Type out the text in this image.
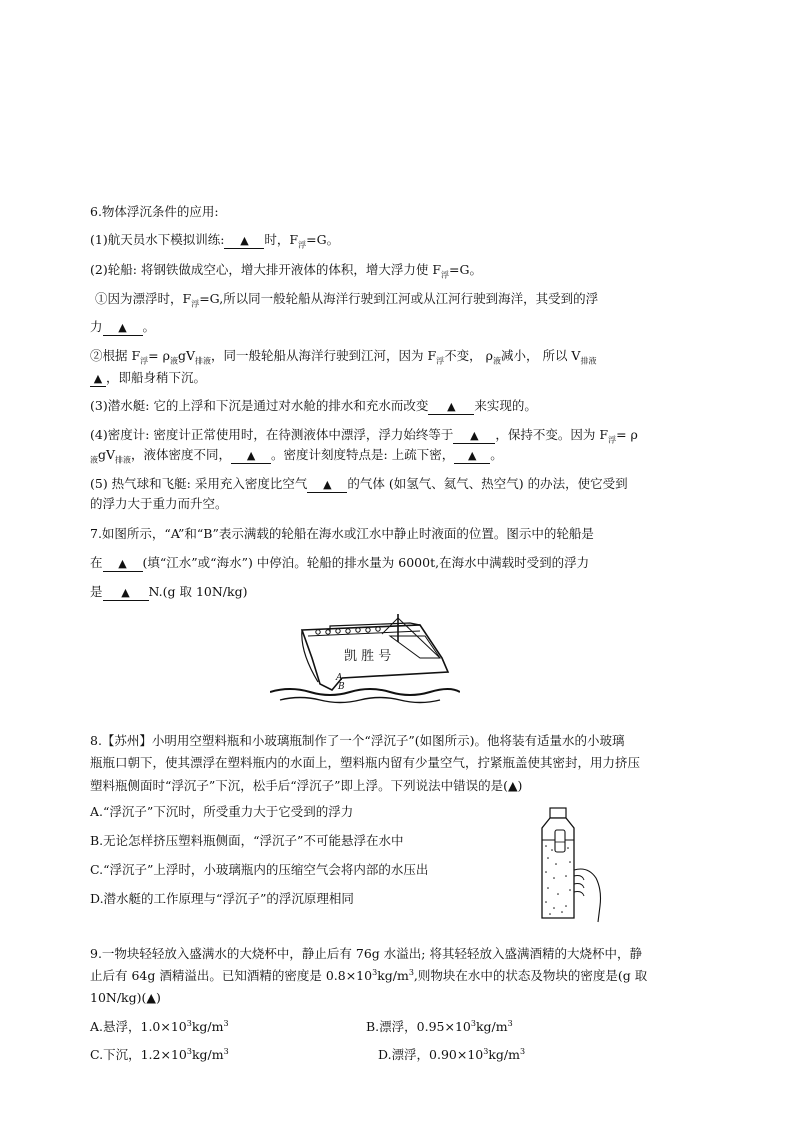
6.物体浮沉条件的应用:
(1)航天员水下模拟训练: ▲ 时，$F_浮=G$。
(2)轮船: 将钢铁做成空心，增大排开液体的体积，增大浮力使 $F_浮=G$。
①因为漂浮时，$F_浮=G$,所以同一般轮船从海洋行驶到江河或从江河行驶到海洋，其受到的浮
力 ▲ 。
②根据 $F_浮= \rho_液gV_{排液}$，同一般轮船从海洋行驶到江河，因为 $F_浮$不变， $\rho_液$减小， 所以 $V_{排液}$
▲ ，即船身稍下沉。
(3)潜水艇: 它的上浮和下沉是通过对水舱的排水和充水而改变 ▲ 来实现的。
(4)密度计: 密度计正常使用时，在待测液体中漂浮，浮力始终等于 ▲ ，保持不变。因为 $F_浮= \rho$
$_液gV_{排液}$，液体密度不同， ▲ 。密度计刻度特点是: 上疏下密， ▲ 。
(5) 热气球和飞艇: 采用充入密度比空气 ▲ 的气体 (如氢气、氦气、热空气) 的办法，使它受到
的浮力大于重力而升空。
7.如图所示，“A”和“B”表示满载的轮船在海水或江水中静止时液面的位置。图示中的轮船是
在 ▲ (填“江水”或“海水”) 中停泊。轮船的排水量为 6000t,在海水中满载时受到的浮力
是 ▲ N.(g 取 10N/kg)
凯 胜 号
A
B
8.【苏州】小明用空塑料瓶和小玻璃瓶制作了一个“浮沉子”(如图所示)。他将装有适量水的小玻璃
瓶瓶口朝下，使其漂浮在塑料瓶内的水面上，塑料瓶内留有少量空气，拧紧瓶盖使其密封，用力挤压
塑料瓶侧面时“浮沉子”下沉，松手后“浮沉子”即上浮。下列说法中错误的是(▲)
A.“浮沉子”下沉时，所受重力大于它受到的浮力
B.无论怎样挤压塑料瓶侧面，“浮沉子”不可能悬浮在水中
C.“浮沉子”上浮时，小玻璃瓶内的压缩空气会将内部的水压出
D.潜水艇的工作原理与“浮沉子”的浮沉原理相同
9.一物块轻轻放入盛满水的大烧杯中，静止后有 76g 水溢出; 将其轻轻放入盛满酒精的大烧杯中，静
止后有 64g 酒精溢出。已知酒精的密度是 $0.8\times 10^3kg/m^3$,则物块在水中的状态及物块的密度是(g 取
10N/kg)(▲)
A.悬浮，$1.0\times 10^3kg/m^3$	B.漂浮，$0.95\times 10^3kg/m^3$
C.下沉，$1.2\times 10^3kg/m^3$	D.漂浮，$0.90\times 10^3kg/m^3$
